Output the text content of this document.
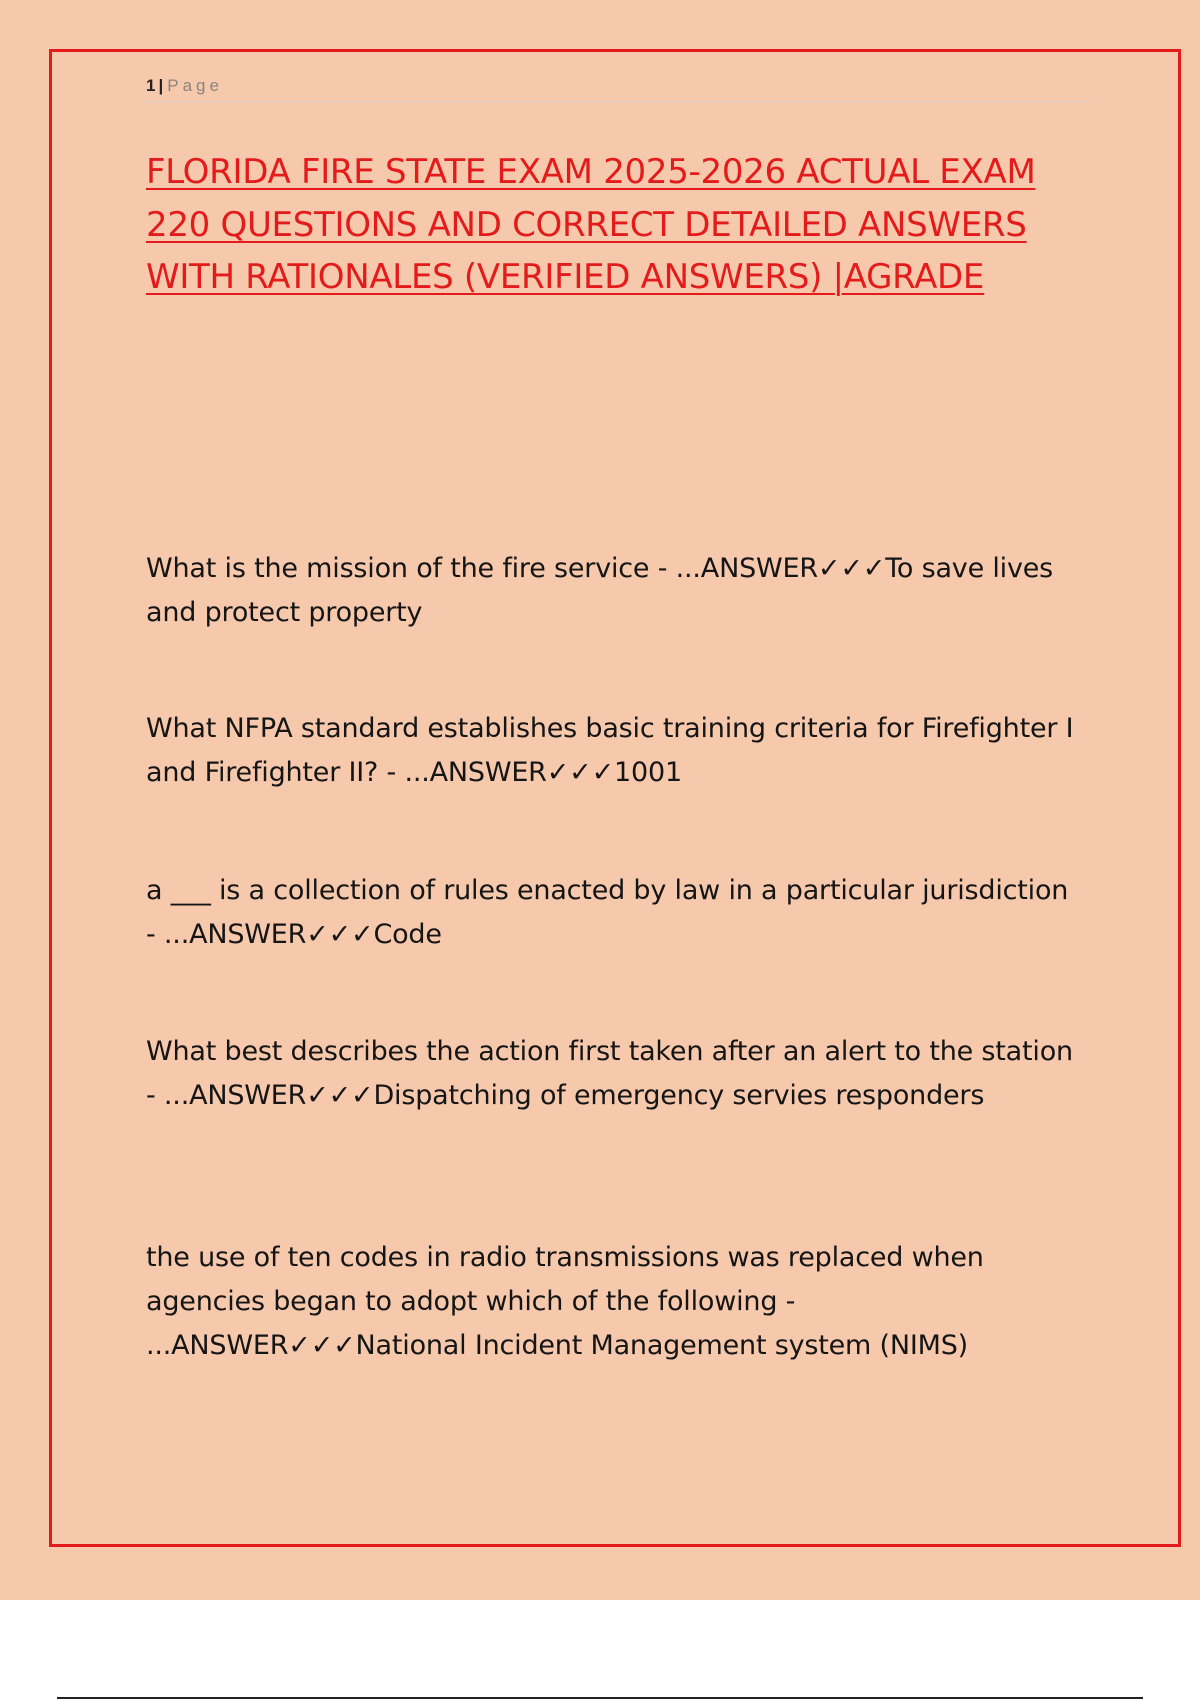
1 | Page
FLORIDA FIRE STATE EXAM 2025-2026 ACTUAL EXAM 220 QUESTIONS AND CORRECT DETAILED ANSWERS WITH RATIONALES (VERIFIED ANSWERS) |AGRADE

What is the mission of the fire service - ...ANSWER✓✓✓To save lives and protect property

What NFPA standard establishes basic training criteria for Firefighter I and Firefighter II? - ...ANSWER✓✓✓1001

a ___ is a collection of rules enacted by law in a particular jurisdiction - ...ANSWER✓✓✓Code

What best describes the action first taken after an alert to the station - ...ANSWER✓✓✓Dispatching of emergency servies responders

the use of ten codes in radio transmissions was replaced when agencies began to adopt which of the following - ...ANSWER✓✓✓National Incident Management system (NIMS)
